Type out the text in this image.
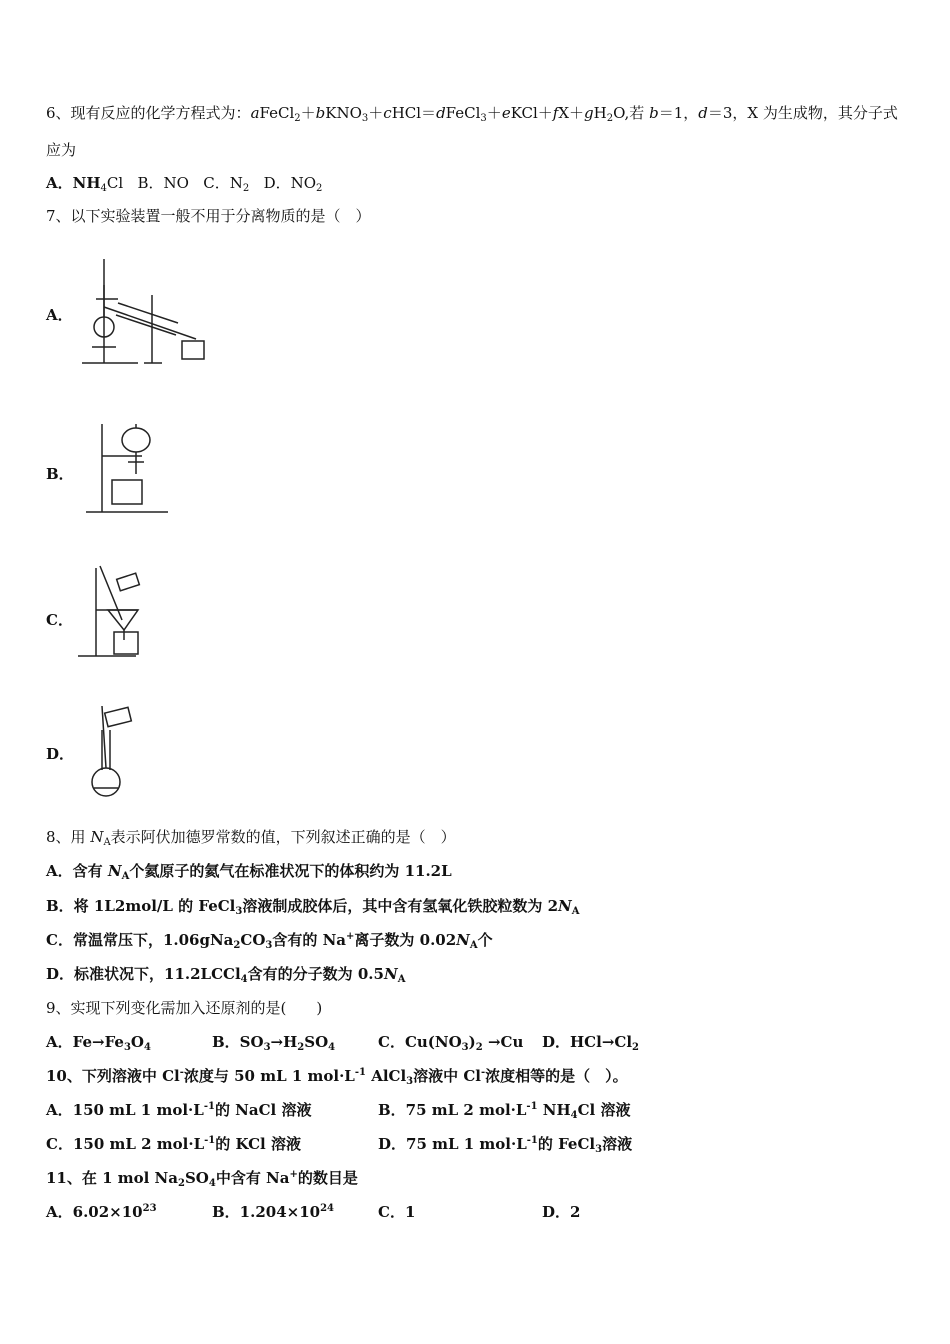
6、现有反应的化学方程式为：$aFeCl_2+bKNO_3+cHCl=dFeCl_3+eKCl+fX+gH_2O$,若 b＝1，d＝3，X 为生成物，其分子式
应为
A．$NH_4Cl$ B．NO C．$N_2$ D．$NO_2$
7、以下实验装置一般不用于分离物质的是（　）
A．
B．
C．
D．
8、用 $N_A$表示阿伏加德罗常数的值，下列叙述正确的是（　）
A．含有 $N_A$个氦原子的氦气在标准状况下的体积约为 11.2L
B．将 1L2mol/L 的 FeCl$_3$溶液制成胶体后，其中含有氢氧化铁胶粒数为 $2N_A$
C．常温常压下，$1.06gNa_2CO_3$含有的 Na+离子数为 $0.02N_A$个
D．标准状况下，11.2LCCl$_4$含有的分子数为 $0.5N_A$
9、实现下列变化需加入还原剂的是(　　)
A．$Fe\to Fe_3O_4$	B．$SO_3\to H_2SO_4$	C．$Cu(NO_3)_2 \to Cu$ D．$HCl\to Cl_2$
10、下列溶液中 Cl-浓度与 50 mL 1 $mol\cdot L^{-1}$ AlCl$_3$溶液中 Cl-浓度相等的是（　）。
A．150 mL 1 $mol\cdot L^{-1}$的 NaCl 溶液	B．75 mL 2 $mol\cdot L^{-1}$ $NH_4Cl$ 溶液
C．150 mL 2 $mol\cdot L^{-1}$的 KCl 溶液	D．75 mL 1 $mol\cdot L^{-1}$的 FeCl$_3$溶液
11、在 1 mol $Na_2SO_4$中含有 Na+的数目是
A．$6.02\times 10^{23}$	B．$1.204\times 10^{24}$	C．1	D．2
